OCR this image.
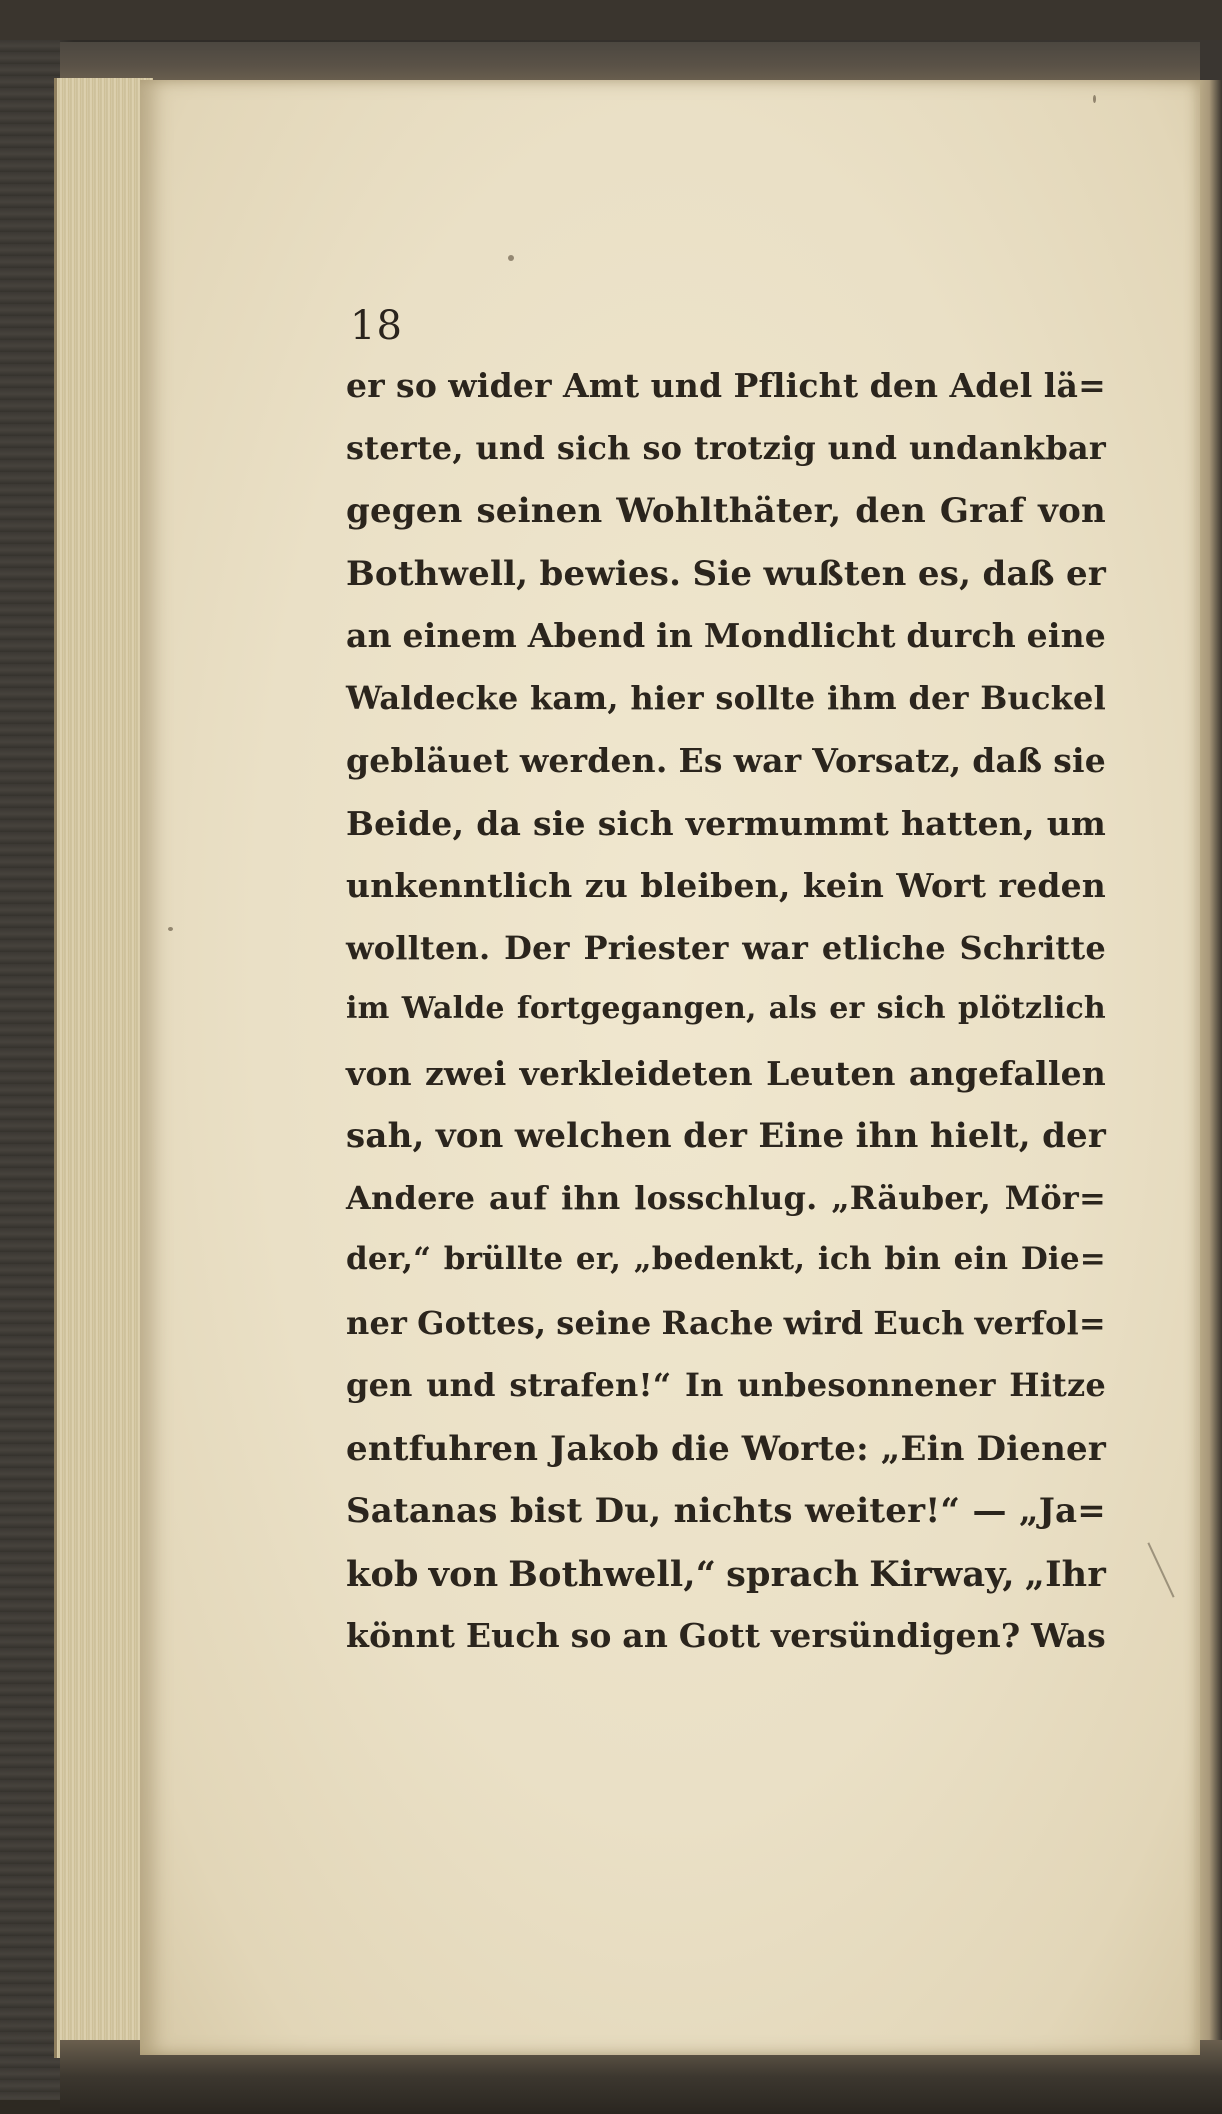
18
er so wider Amt und Pflicht den Adel lä=
sterte, und sich so trotzig und undankbar
gegen seinen Wohlthäter, den Graf von
Bothwell, bewies. Sie wußten es, daß er
an einem Abend in Mondlicht durch eine
Waldecke kam, hier sollte ihm der Buckel
gebläuet werden. Es war Vorsatz, daß sie
Beide, da sie sich vermummt hatten, um
unkenntlich zu bleiben, kein Wort reden
wollten. Der Priester war etliche Schritte
im Walde fortgegangen, als er sich plötzlich
von zwei verkleideten Leuten angefallen
sah, von welchen der Eine ihn hielt, der
Andere auf ihn losschlug. „Räuber, Mör=
der,“ brüllte er, „bedenkt, ich bin ein Die=
ner Gottes, seine Rache wird Euch verfol=
gen und strafen!“ In unbesonnener Hitze
entfuhren Jakob die Worte: „Ein Diener
Satanas bist Du, nichts weiter!“ — „Ja=
kob von Bothwell,“ sprach Kirway, „Ihr
könnt Euch so an Gott versündigen? Was
